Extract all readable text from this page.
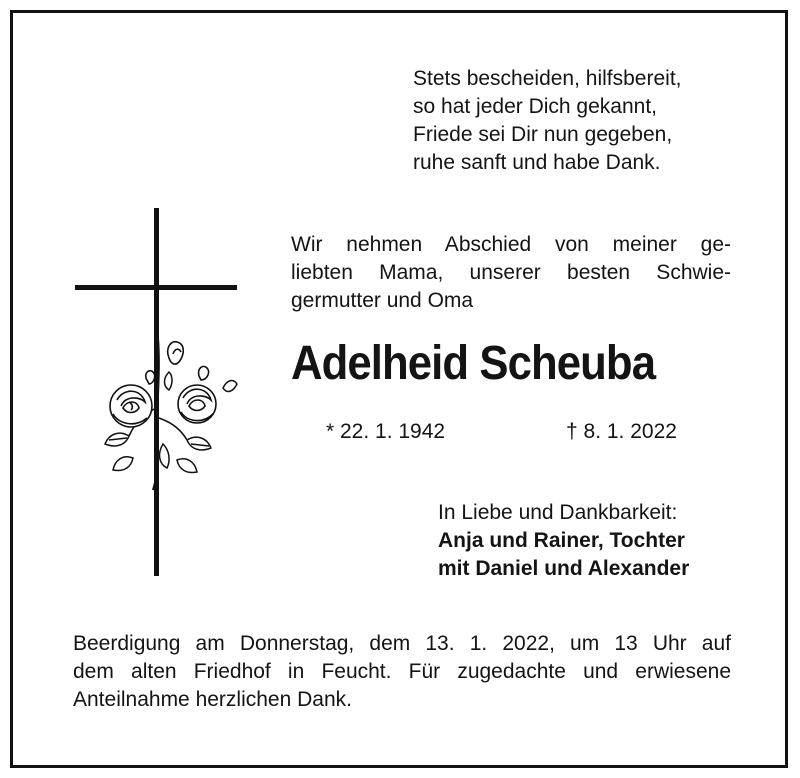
Stets bescheiden, hilfsbereit,
so hat jeder Dich gekannt,
Friede sei Dir nun gegeben,
ruhe sanft und habe Dank.
Wir nehmen Abschied von meiner ge-
liebten Mama, unserer besten Schwie-
germutter und Oma
Adelheid Scheuba
* 22. 1. 1942	† 8. 1. 2022
In Liebe und Dankbarkeit:
Anja und Rainer, Tochter
mit Daniel und Alexander
Beerdigung am Donnerstag, dem 13. 1. 2022, um 13 Uhr auf
dem alten Friedhof in Feucht. Für zugedachte und erwiesene
Anteilnahme herzlichen Dank.
